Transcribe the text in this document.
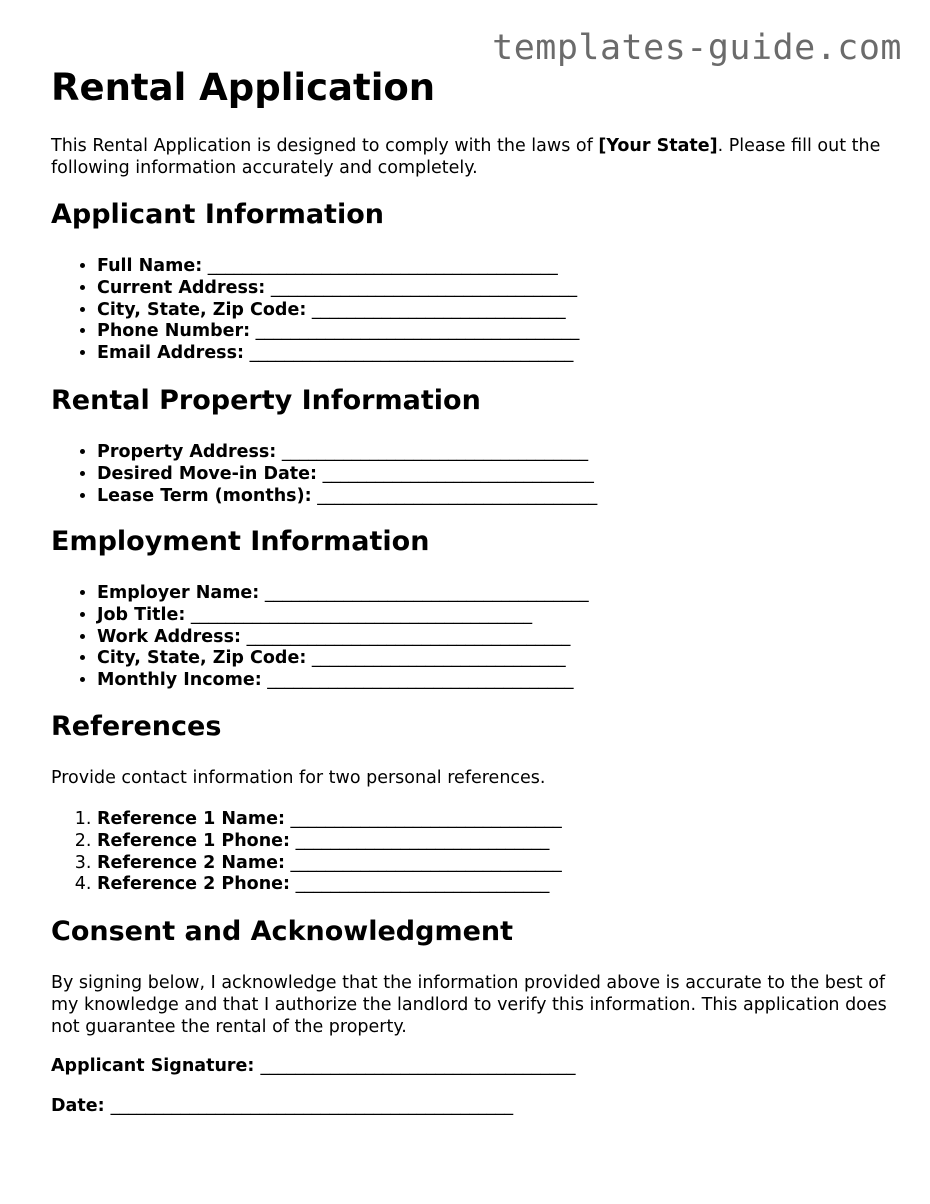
templates-guide.com
Rental Application

This Rental Application is designed to comply with the laws of [Your State]. Please fill out the following information accurately and completely.

Applicant Information
• Full Name: ________________________________________
• Current Address: ___________________________________
• City, State, Zip Code: _____________________________
• Phone Number: _____________________________________
• Email Address: _____________________________________
Rental Property Information
• Property Address: ___________________________________
• Desired Move-in Date: _______________________________
• Lease Term (months): ________________________________
Employment Information
• Employer Name: _____________________________________
• Job Title: _______________________________________
• Work Address: _____________________________________
• City, State, Zip Code: _____________________________
• Monthly Income: ___________________________________
References

Provide contact information for two personal references.

1. Reference 1 Name: _______________________________
2. Reference 1 Phone: _____________________________
3. Reference 2 Name: _______________________________
4. Reference 2 Phone: _____________________________
Consent and Acknowledgment

By signing below, I acknowledge that the information provided above is accurate to the best of my knowledge and that I authorize the landlord to verify this information. This application does not guarantee the rental of the property.

Applicant Signature: ____________________________________

Date: ______________________________________________
